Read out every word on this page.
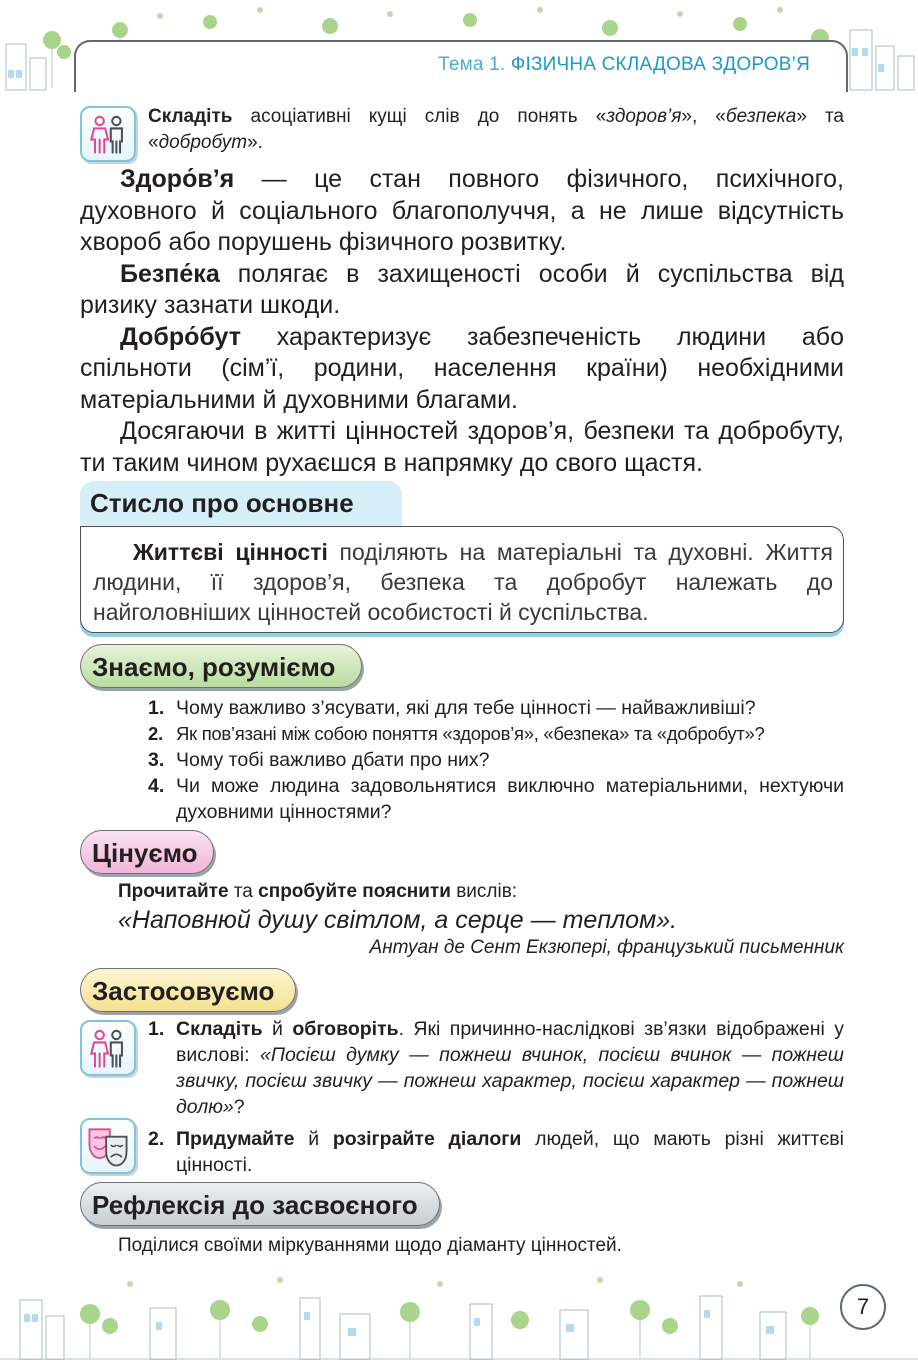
Тема 1. ФІЗИЧНА СКЛАДОВА ЗДОРОВ’Я

Складіть асоціативні кущі слів до понять «здоров’я», «безпека» та «добробут».

Здоро́в’я — це стан повного фізичного, психічного, духовного й соціального благополуччя, а не лише відсутність хвороб або порушень фізичного розвитку.

Безпе́ка полягає в захищеності особи й суспільства від ризику зазнати шкоди.

Добро́бут характеризує забезпеченість людини або спільноти (сім’ї, родини, населення країни) необхідними матеріальними й духовними благами.

Досягаючи в житті цінностей здоров’я, безпеки та добробуту, ти таким чином рухаєшся в напрямку до свого щастя.

Стисло про основне

Життєві цінності поділяють на матеріальні та духовні. Життя людини, її здоров’я, безпека та добробут належать до найголовніших цінностей особистості й суспільства.

Знаємо, розуміємо

1. Чому важливо з’ясувати, які для тебе цінності — найважливіші?

2. Як пов’язані між собою поняття «здоров’я», «безпека» та «добробут»?

3. Чому тобі важливо дбати про них?

4. Чи може людина задовольнятися виключно матеріальними, нехтуючи духовними цінностями?

Цінуємо

Прочитайте та спробуйте пояснити вислів:

«Наповнюй душу світлом, а серце — теплом».

Антуан де Сент Екзюпері, французький письменник

Застосовуємо

1. Складіть й обговоріть. Які причинно-наслідкові зв’язки відображені у вислові: «Посієш думку — пожнеш вчинок, посієш вчинок — пожнеш звичку, посієш звичку — пожнеш характер, посієш характер — пожнеш долю»?

2. Придумайте й розіграйте діалоги людей, що мають різні життєві цінності.

Рефлексія до засвоєного

Поділися своїми міркуваннями щодо діаманту цінностей.

7
